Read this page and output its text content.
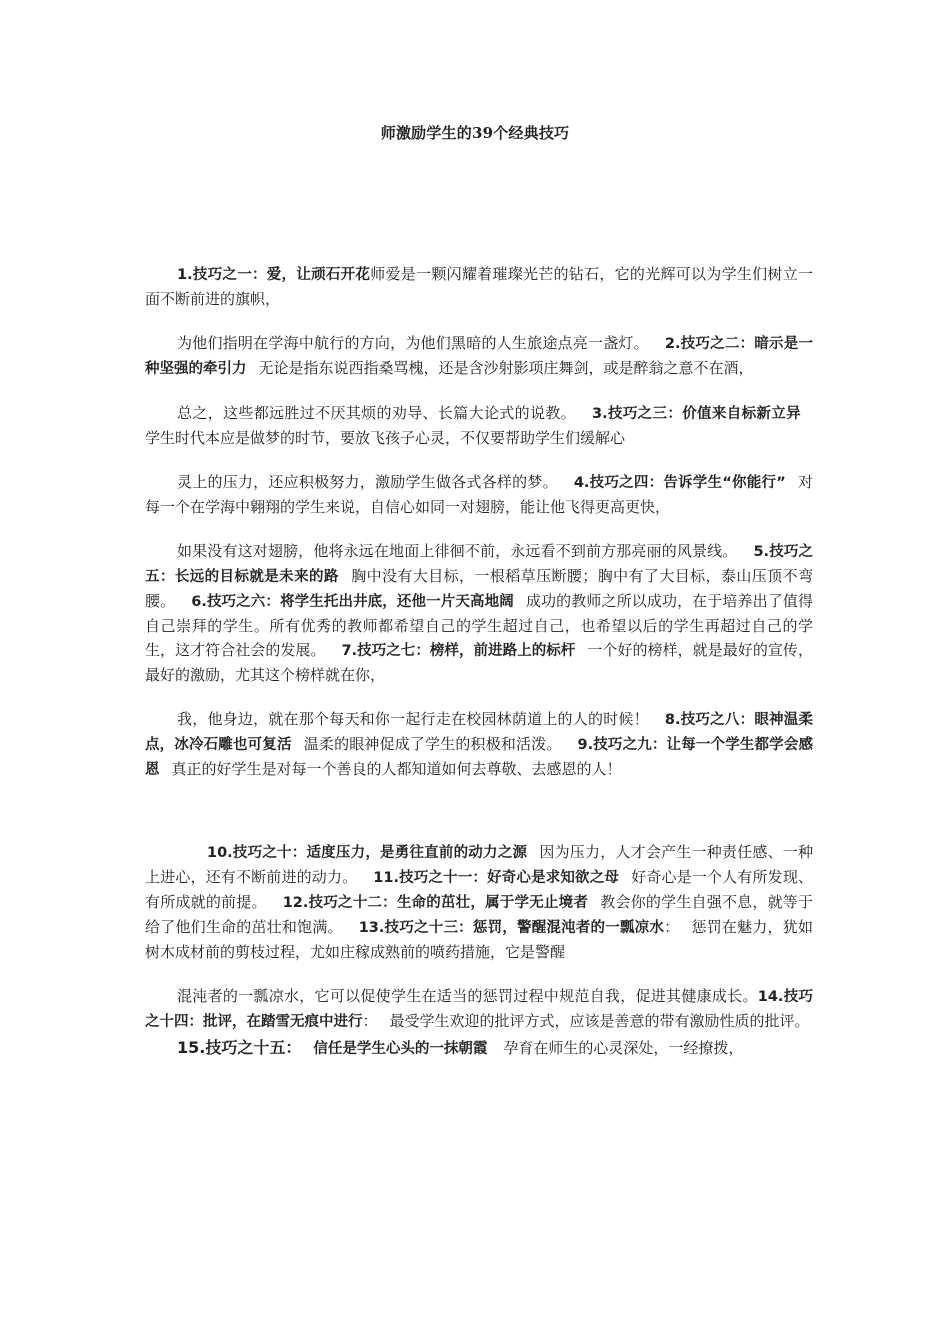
师激励学生的39个经典技巧

1.技巧之一：爱，让顽石开花师爱是一颗闪耀着璀璨光芒的钻石，它的光辉可以为学生们树立一面不断前进的旗帜，

为他们指明在学海中航行的方向，为他们黑暗的人生旅途点亮一盏灯。 2.技巧之二：暗示是一种坚强的牵引力 无论是指东说西指桑骂槐，还是含沙射影项庄舞剑，或是醉翁之意不在酒，

总之，这些都远胜过不厌其烦的劝导、长篇大论式的说教。 3.技巧之三：价值来自标新立异学生时代本应是做梦的时节，要放飞孩子心灵，不仅要帮助学生们缓解心

灵上的压力，还应积极努力，激励学生做各式各样的梦。 4.技巧之四：告诉学生“你能行” 对每一个在学海中翱翔的学生来说，自信心如同一对翅膀，能让他飞得更高更快，

如果没有这对翅膀，他将永远在地面上徘徊不前，永远看不到前方那亮丽的风景线。 5.技巧之五：长远的目标就是未来的路 胸中没有大目标，一根稻草压断腰；胸中有了大目标，泰山压顶不弯腰。 6.技巧之六：将学生托出井底，还他一片天高地阔 成功的教师之所以成功，在于培养出了值得自己崇拜的学生。所有优秀的教师都希望自己的学生超过自己，也希望以后的学生再超过自己的学生，这才符合社会的发展。 7.技巧之七：榜样，前进路上的标杆 一个好的榜样，就是最好的宣传，最好的激励，尤其这个榜样就在你，

我，他身边，就在那个每天和你一起行走在校园林荫道上的人的时候！ 8.技巧之八：眼神温柔点，冰冷石雕也可复活 温柔的眼神促成了学生的积极和活泼。 9.技巧之九：让每一个学生都学会感恩 真正的好学生是对每一个善良的人都知道如何去尊敬、去感恩的人！

10.技巧之十：适度压力，是勇往直前的动力之源 因为压力，人才会产生一种责任感、一种上进心，还有不断前进的动力。 11.技巧之十一：好奇心是求知欲之母 好奇心是一个人有所发现、有所成就的前提。 12.技巧之十二：生命的茁壮，属于学无止境者 教会你的学生自强不息，就等于给了他们生命的茁壮和饱满。 13.技巧之十三：惩罚，警醒混沌者的一瓢凉水： 惩罚在魅力，犹如树木成材前的剪枝过程，尤如庄稼成熟前的喷药措施，它是警醒

混沌者的一瓢凉水，它可以促使学生在适当的惩罚过程中规范自我，促进其健康成长。14.技巧之十四：批评，在踏雪无痕中进行： 最受学生欢迎的批评方式，应该是善意的带有激励性质的批评。

15.技巧之十五： 信任是学生心头的一抹朝霞 孕育在师生的心灵深处，一经撩拨，
